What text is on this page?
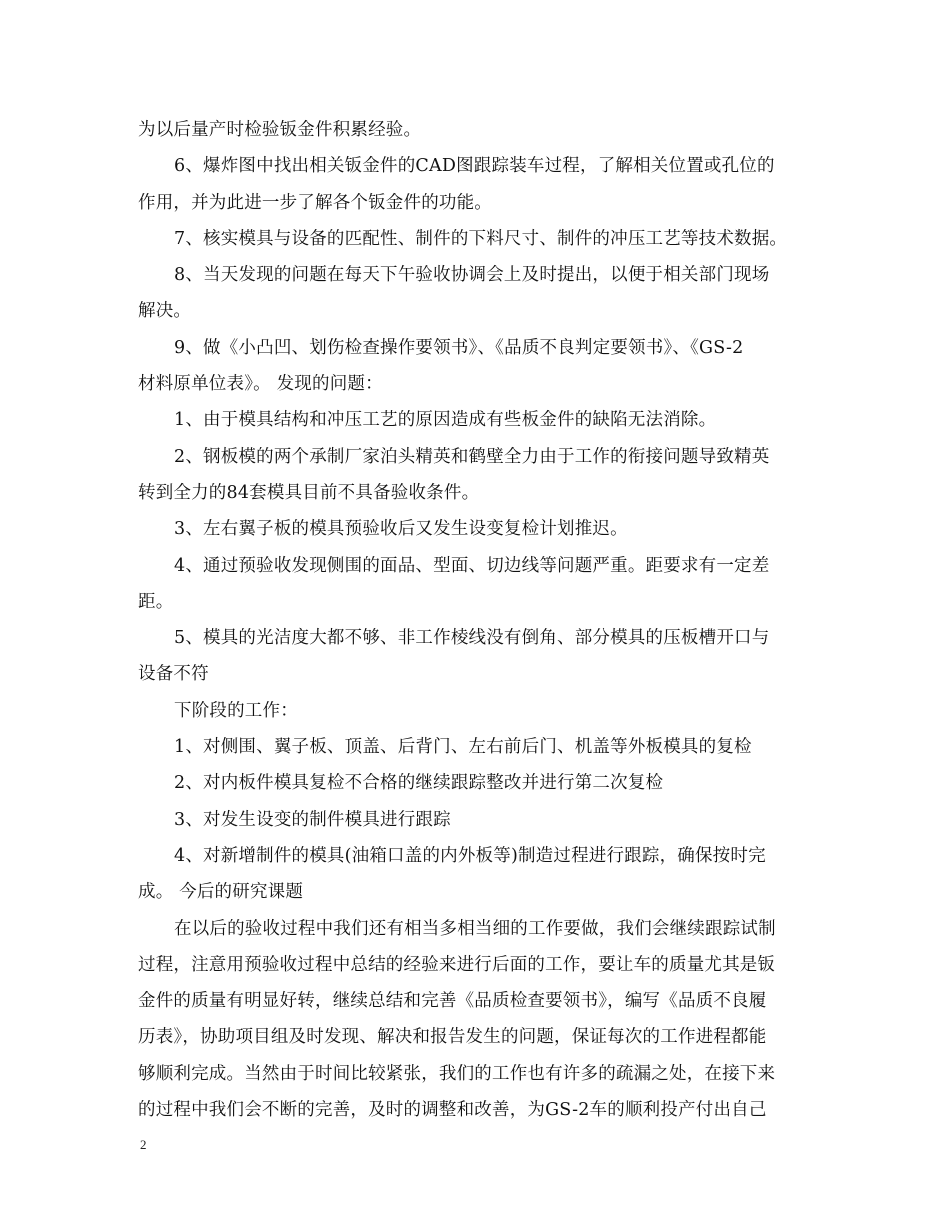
为以后量产时检验钣金件积累经验。
6、爆炸图中找出相关钣金件的CAD图跟踪装车过程，了解相关位置或孔位的
作用，并为此进一步了解各个钣金件的功能。
7、核实模具与设备的匹配性、制件的下料尺寸、制件的冲压工艺等技术数据。
8、当天发现的问题在每天下午验收协调会上及时提出，以便于相关部门现场
解决。
9、做《小凸凹、划伤检查操作要领书》、《品质不良判定要领书》、《GS-2
材料原单位表》。 发现的问题：
1、由于模具结构和冲压工艺的原因造成有些板金件的缺陷无法消除。
2、钢板模的两个承制厂家泊头精英和鹤壁全力由于工作的衔接问题导致精英
转到全力的84套模具目前不具备验收条件。
3、左右翼子板的模具预验收后又发生设变复检计划推迟。
4、通过预验收发现侧围的面品、型面、切边线等问题严重。距要求有一定差
距。
5、模具的光洁度大都不够、非工作棱线没有倒角、部分模具的压板槽开口与
设备不符
下阶段的工作：
1、对侧围、翼子板、顶盖、后背门、左右前后门、机盖等外板模具的复检
2、对内板件模具复检不合格的继续跟踪整改并进行第二次复检
3、对发生设变的制件模具进行跟踪
4、对新增制件的模具(油箱口盖的内外板等)制造过程进行跟踪，确保按时完
成。 今后的研究课题
在以后的验收过程中我们还有相当多相当细的工作要做，我们会继续跟踪试制
过程，注意用预验收过程中总结的经验来进行后面的工作，要让车的质量尤其是钣
金件的质量有明显好转，继续总结和完善《品质检查要领书》，编写《品质不良履
历表》，协助项目组及时发现、解决和报告发生的问题，保证每次的工作进程都能
够顺利完成。当然由于时间比较紧张，我们的工作也有许多的疏漏之处，在接下来
的过程中我们会不断的完善，及时的调整和改善，为GS-2车的顺利投产付出自己
2
